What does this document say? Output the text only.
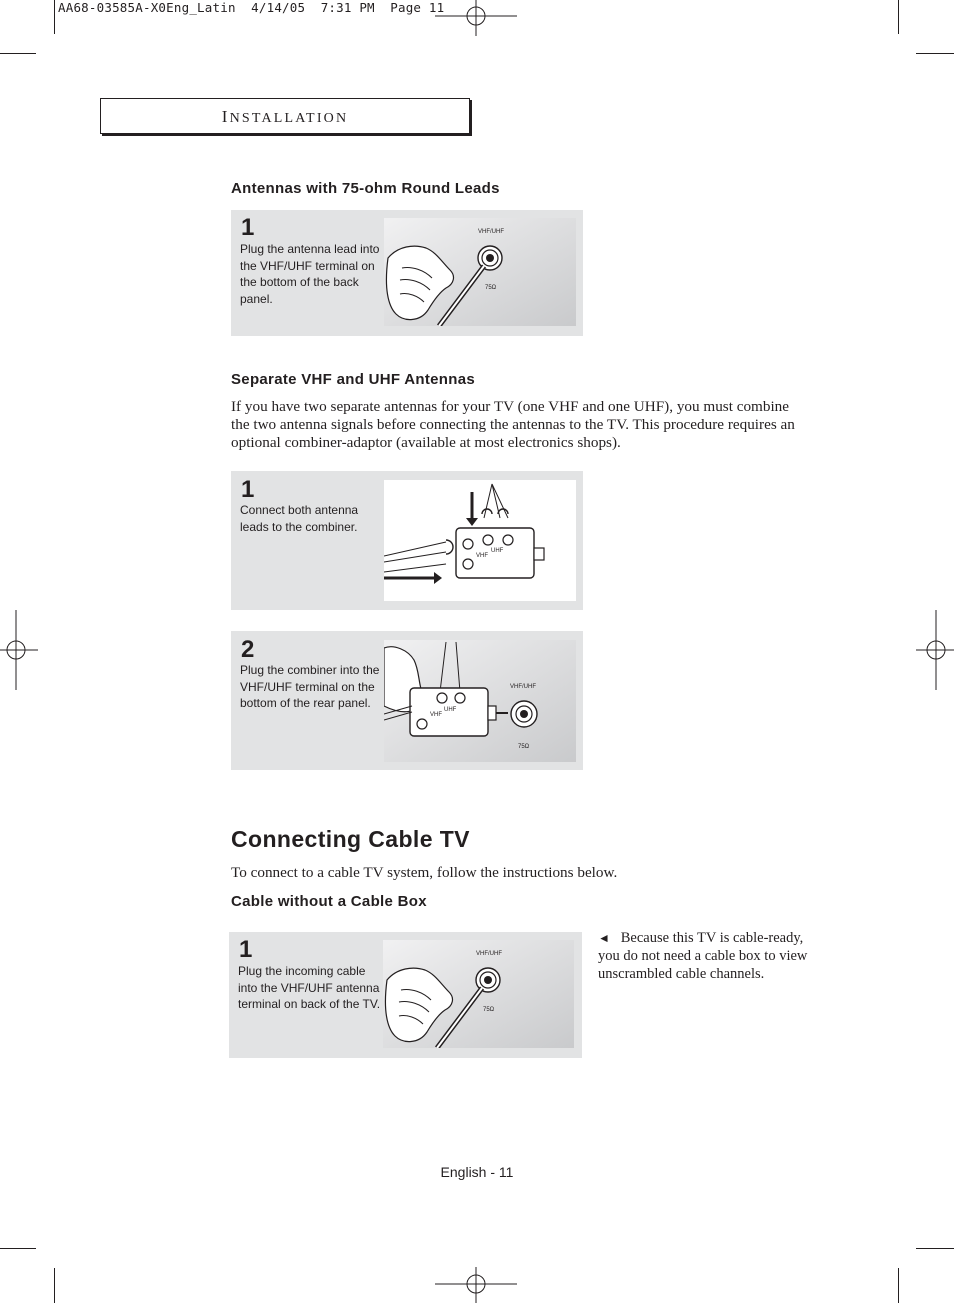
AA68-03585A-X0Eng_Latin 4/14/05 7:31 PM Page 11
INSTALLATION
Antennas with 75-ohm Round Leads
1
Plug the antenna lead into the VHF/UHF terminal on the bottom of the back panel.
VHF/UHF
75Ω
Separate VHF and UHF Antennas
If you have two separate antennas for your TV (one VHF and one UHF), you must combine the two antenna signals before connecting the antennas to the TV. This procedure requires an optional combiner-adaptor (available at most electronics shops).
1
Connect both antenna leads to the combiner.
VHF
UHF
2
Plug the combiner into the VHF/UHF terminal on the bottom of the rear panel.
VHF
UHF
VHF/UHF
75Ω
Connecting Cable TV
To connect to a cable TV system, follow the instructions below.
Cable without a Cable Box
1
Plug the incoming cable into the VHF/UHF antenna terminal on back of the TV.
VHF/UHF
75Ω
◄ Because this TV is cable-ready, you do not need a cable box to view unscrambled cable channels.
English - 11
